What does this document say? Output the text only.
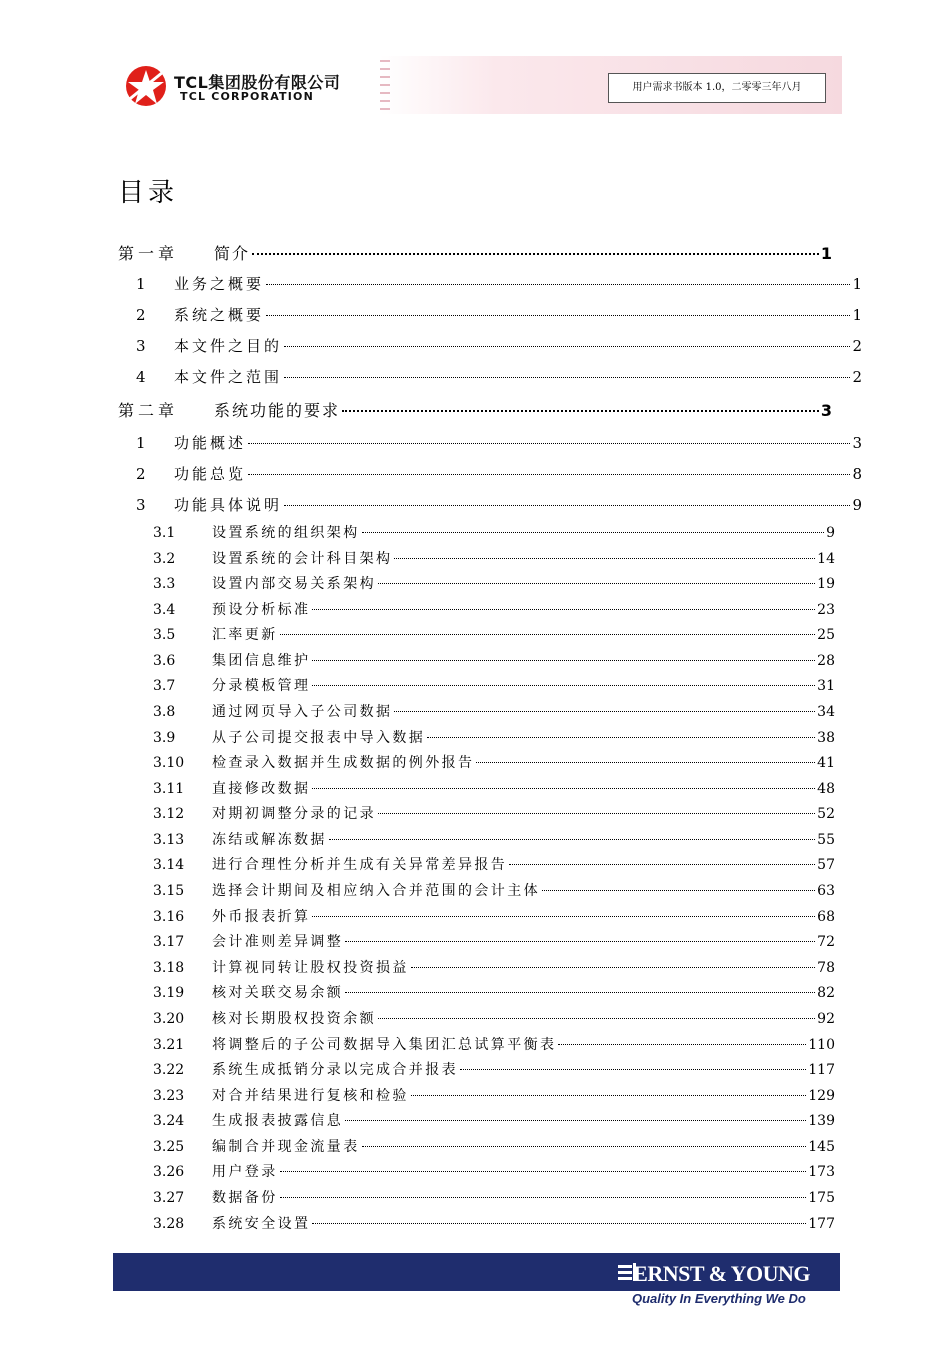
TCL集团股份有限公司
TCL CORPORATION
用户需求书版本 1.0，二零零三年八月
目录
第一章	简介	1
1	业务之概要	1
2	系统之概要	1
3	本文件之目的	2
4	本文件之范围	2
第二章	系统功能的要求	3
1	功能概述	3
2	功能总览	8
3	功能具体说明	9
3.1	设置系统的组织架构	9
3.2	设置系统的会计科目架构	14
3.3	设置内部交易关系架构	19
3.4	预设分析标准	23
3.5	汇率更新	25
3.6	集团信息维护	28
3.7	分录模板管理	31
3.8	通过网页导入子公司数据	34
3.9	从子公司提交报表中导入数据	38
3.10	检查录入数据并生成数据的例外报告	41
3.11	直接修改数据	48
3.12	对期初调整分录的记录	52
3.13	冻结或解冻数据	55
3.14	进行合理性分析并生成有关异常差异报告	57
3.15	选择会计期间及相应纳入合并范围的会计主体	63
3.16	外币报表折算	68
3.17	会计准则差异调整	72
3.18	计算视同转让股权投资损益	78
3.19	核对关联交易余额	82
3.20	核对长期股权投资余额	92
3.21	将调整后的子公司数据导入集团汇总试算平衡表	110
3.22	系统生成抵销分录以完成合并报表	117
3.23	对合并结果进行复核和检验	129
3.24	生成报表披露信息	139
3.25	编制合并现金流量表	145
3.26	用户登录	173
3.27	数据备份	175
3.28	系统安全设置	177
ERNST & YOUNG
Quality In Everything We Do
